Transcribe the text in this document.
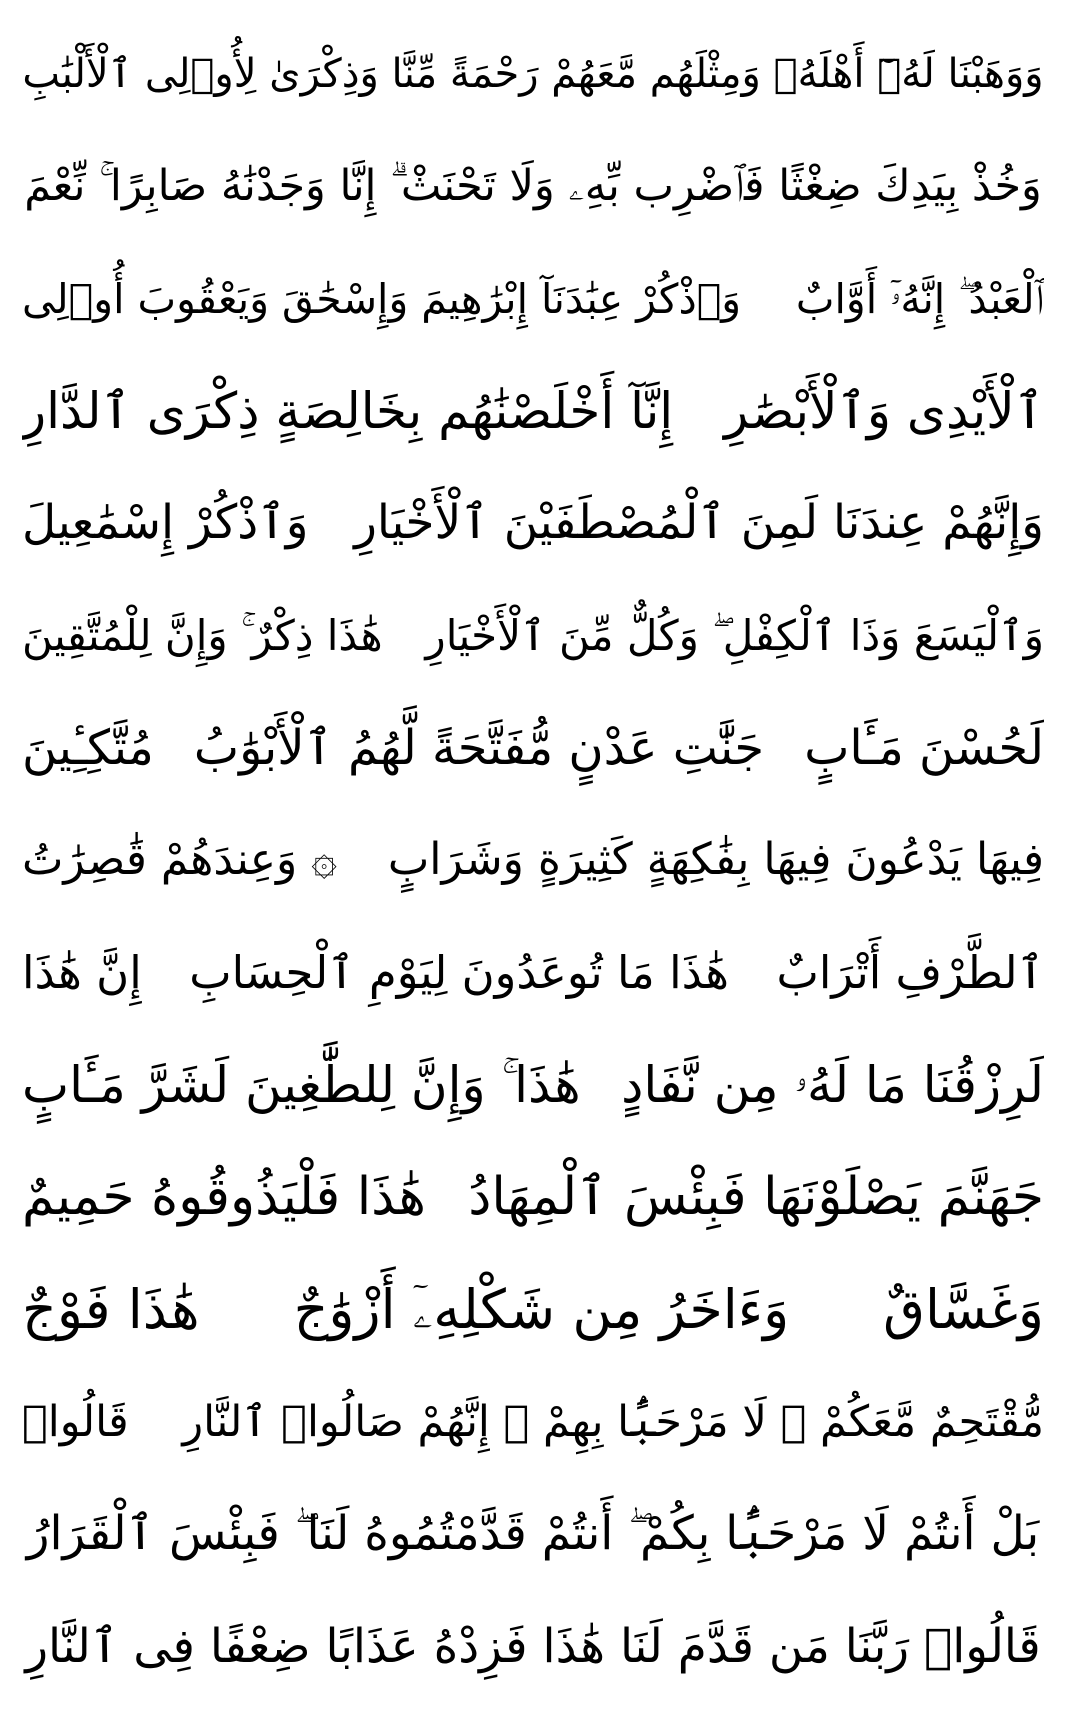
وَوَهَبْنَا لَهُۥٓ أَهْلَهُۥ وَمِثْلَهُم مَّعَهُمْ رَحْمَةً مِّنَّا وَذِكْرَىٰ لِأُو۟لِى ٱلْأَلْبَٰبِ
وَخُذْ بِيَدِكَ ضِغْثًا فَٱضْرِب بِّهِۦ وَلَا تَحْنَثْ ۗ إِنَّا وَجَدْنَٰهُ صَابِرًا ۚ نِّعْمَ
ٱلْعَبْدُ ۖ إِنَّهُۥٓ أَوَّابٌ
وَٱذْكُرْ عِبَٰدَنَآ إِبْرَٰهِيمَ وَإِسْحَٰقَ وَيَعْقُوبَ أُو۟لِى
ٱلْأَيْدِى وَٱلْأَبْصَٰرِ
إِنَّآ أَخْلَصْنَٰهُم بِخَالِصَةٍ ذِكْرَى ٱلدَّارِ
وَإِنَّهُمْ عِندَنَا لَمِنَ ٱلْمُصْطَفَيْنَ ٱلْأَخْيَارِ
وَٱذْكُرْ إِسْمَٰعِيلَ
وَٱلْيَسَعَ وَذَا ٱلْكِفْلِ ۖ وَكُلٌّ مِّنَ ٱلْأَخْيَارِ
هَٰذَا ذِكْرٌ ۚ وَإِنَّ لِلْمُتَّقِينَ
لَحُسْنَ مَـَٔابٍ
جَنَّٰتِ عَدْنٍ مُّفَتَّحَةً لَّهُمُ ٱلْأَبْوَٰبُ
مُتَّكِـِٔينَ
فِيهَا يَدْعُونَ فِيهَا بِفَٰكِهَةٍ كَثِيرَةٍ وَشَرَابٍ
۞ وَعِندَهُمْ قَٰصِرَٰتُ
ٱلطَّرْفِ أَتْرَابٌ
هَٰذَا مَا تُوعَدُونَ لِيَوْمِ ٱلْحِسَابِ
إِنَّ هَٰذَا
لَرِزْقُنَا مَا لَهُۥ مِن نَّفَادٍ
هَٰذَا ۚ وَإِنَّ لِلطَّٰغِينَ لَشَرَّ مَـَٔابٍ
جَهَنَّمَ يَصْلَوْنَهَا فَبِئْسَ ٱلْمِهَادُ
هَٰذَا فَلْيَذُوقُوهُ حَمِيمٌ
وَغَسَّاقٌ
وَءَاخَرُ مِن شَكْلِهِۦٓ أَزْوَٰجٌ
هَٰذَا فَوْجٌ
مُّقْتَحِمٌ مَّعَكُمْ ۖ لَا مَرْحَبًۢا بِهِمْ ۚ إِنَّهُمْ صَالُوا۟ ٱلنَّارِ
قَالُوا۟
بَلْ أَنتُمْ لَا مَرْحَبًۢا بِكُمْ ۖ أَنتُمْ قَدَّمْتُمُوهُ لَنَا ۖ فَبِئْسَ ٱلْقَرَارُ
قَالُوا۟ رَبَّنَا مَن قَدَّمَ لَنَا هَٰذَا فَزِدْهُ عَذَابًا ضِعْفًا فِى ٱلنَّارِ
